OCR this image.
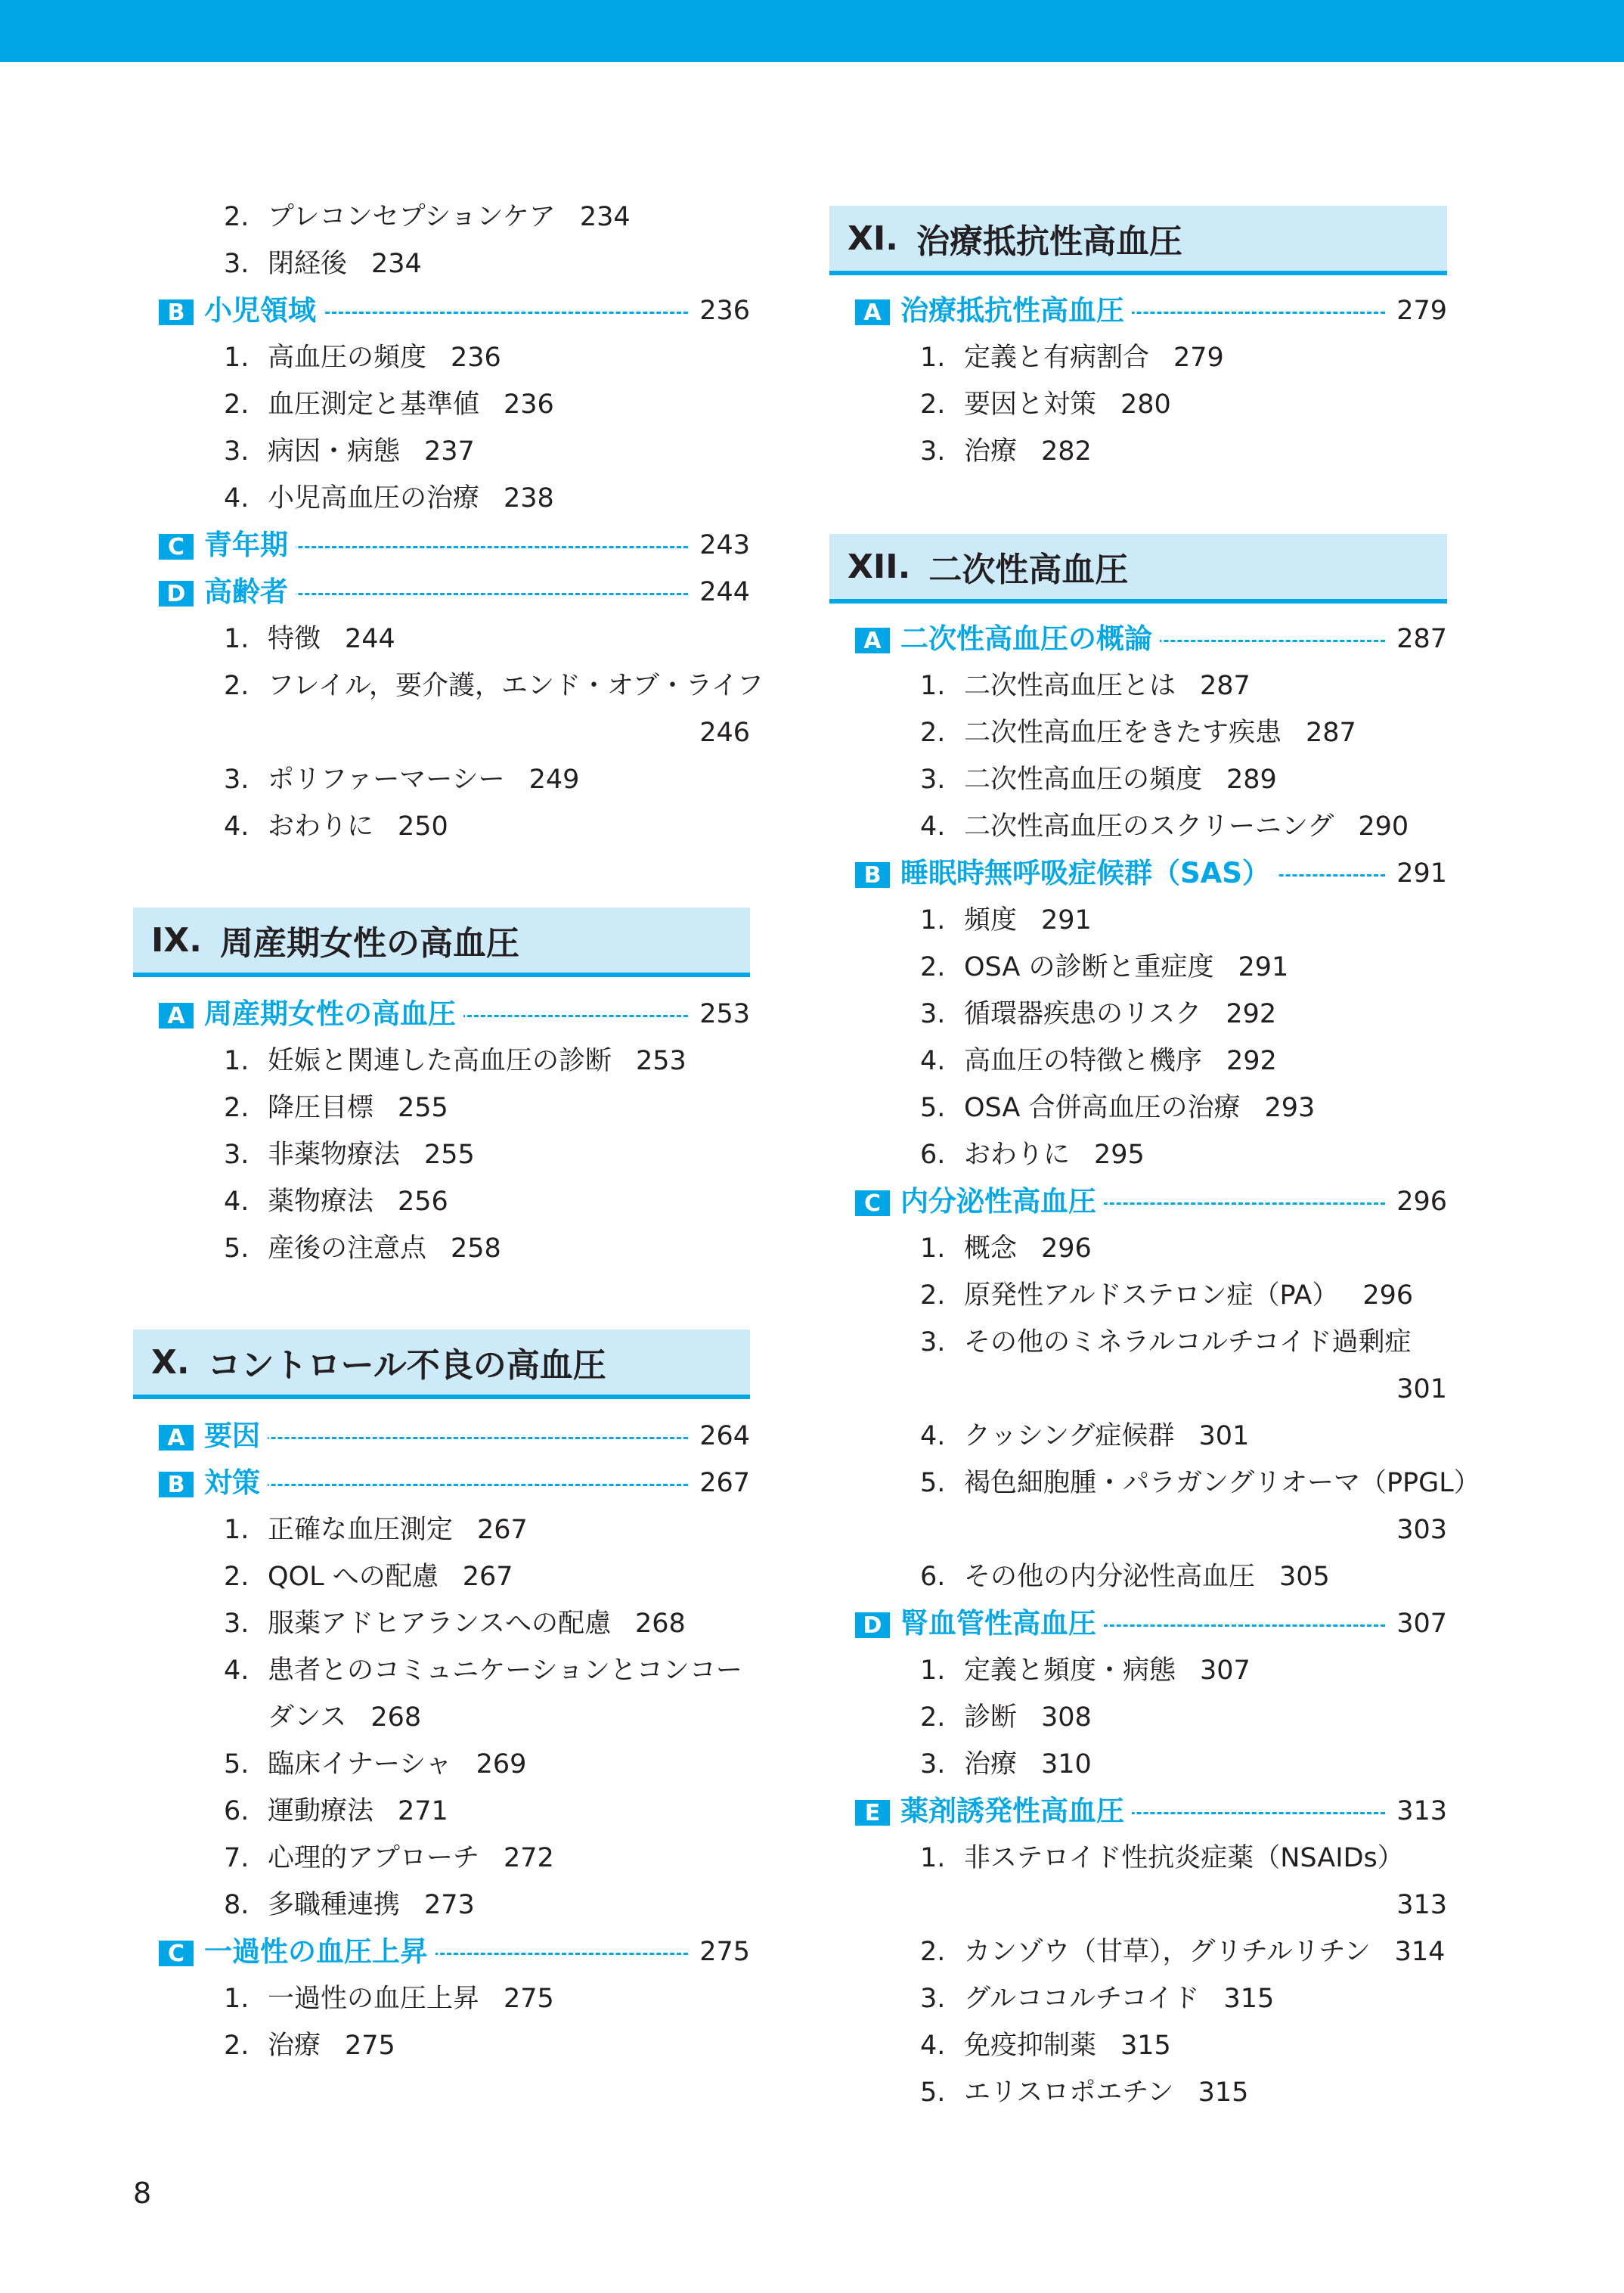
2. プレコンセプションケア 234
3. 閉経後 234
B 小児領域	236
1. 高血圧の頻度 236
2. 血圧測定と基準値 236
3. 病因・病態 237
4. 小児高血圧の治療 238
C 青年期	243
D 高齢者	244
1. 特徴 244
2. フレイル，要介護，エンド・オブ・ライフ
246
3. ポリファーマーシー 249
4. おわりに 250
IX. 周産期女性の高血圧
A 周産期女性の高血圧	253
1. 妊娠と関連した高血圧の診断 253
2. 降圧目標 255
3. 非薬物療法 255
4. 薬物療法 256
5. 産後の注意点 258
X. コントロール不良の高血圧
A 要因	264
B 対策	267
1. 正確な血圧測定 267
2. QOL への配慮 267
3. 服薬アドヒアランスへの配慮 268
4. 患者とのコミュニケーションとコンコー
ダンス 268
5. 臨床イナーシャ 269
6. 運動療法 271
7. 心理的アプローチ 272
8. 多職種連携 273
C 一過性の血圧上昇	275
1. 一過性の血圧上昇 275
2. 治療 275
XI. 治療抵抗性高血圧
A 治療抵抗性高血圧	279
1. 定義と有病割合 279
2. 要因と対策 280
3. 治療 282
XII. 二次性高血圧
A 二次性高血圧の概論	287
1. 二次性高血圧とは 287
2. 二次性高血圧をきたす疾患 287
3. 二次性高血圧の頻度 289
4. 二次性高血圧のスクリーニング 290
B 睡眠時無呼吸症候群（SAS）	291
1. 頻度 291
2. OSA の診断と重症度 291
3. 循環器疾患のリスク 292
4. 高血圧の特徴と機序 292
5. OSA 合併高血圧の治療 293
6. おわりに 295
C 内分泌性高血圧	296
1. 概念 296
2. 原発性アルドステロン症（PA） 296
3. その他のミネラルコルチコイド過剰症
301
4. クッシング症候群 301
5. 褐色細胞腫・パラガングリオーマ（PPGL）
303
6. その他の内分泌性高血圧 305
D 腎血管性高血圧	307
1. 定義と頻度・病態 307
2. 診断 308
3. 治療 310
E 薬剤誘発性高血圧	313
1. 非ステロイド性抗炎症薬（NSAIDs）
313
2. カンゾウ（甘草），グリチルリチン 314
3. グルココルチコイド 315
4. 免疫抑制薬 315
5. エリスロポエチン 315
8
